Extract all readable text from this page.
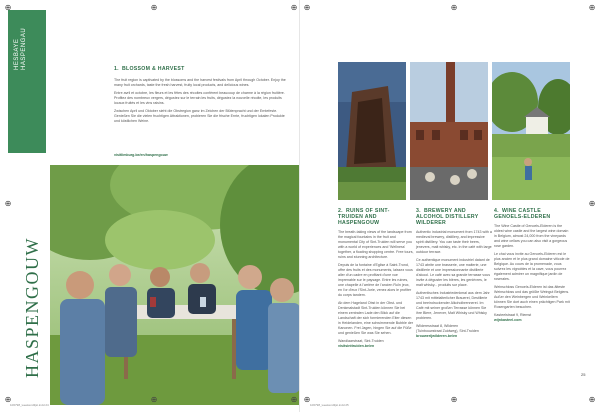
HESBAYE HASPENGAU	1. BLOSSOM & HARVEST

The fruit region is captivated by the blossoms and the harvest festivals from April through October. Enjoy the many fruit orchards, taste the fresh harvest, fruity local products, and delicious wines.

Entre avril et octobre, les fleurs et les fêtes des récoltes confèrent beaucoup de charme à la région fruitière. Profitez des nombreux vergers, dégustez sur le terrain les fruits, dégustez la nouvelle récolte, les produits locaux fruités et les vins raisins.

Zwischen April und Oktober sieht die Obstregion ganz im Zeichen der Blütenpracht und der Erntefeste. Genießen Sie die vielen fruchtigen Attraktionen, probieren Sie die frische Ernte, fruchtigen lokalen Produkte und köstlichen Weine.

visitlimburg.be/en/haspengouw
HASPENGOUW
106798_weekendlijst.indd 24
2. RUINS OF SINT-TRUIDEN AND HASPENGOUW

The breath-taking views of the landscape from the magical fountains in the fruit and monumental City of Sint-Truiden will serve you with a world of experiences and 'Wellness' together, a floating shopping centre. Free tours, ruins and stunning architecture.

Depuis de la fontaine d'Eglise à Saint-Trond, offre des fruits et des monuments, laissez vous aller d'un cadre en profitant d'une vue imprenable sur le paysage. Entre les ruines, une chapelle à l'arrière de l'ancien Ruïn jeux, en l'or d'eux l'Sint-Jorie, venez alors le profiter du corps tandem.

Ab dem Hageland Obst in der Obst- und Denkmalstadt Sint-Truiden können Sie bei einem zentralen Lade den Blick auf die Landschaft der sich formierenden Eiter diesen in Heidelanden, eine schwimmende Bubble der Kanonen. Frei Jagen, hingen Sie auf die Füße und genießen Sie was Sie sehen.

Wandlaarstraat, Sint-Truiden

visitsinttruiden.be/en
3. BREWERY AND ALCOHOL DISTILLERY WILDERER

Authentic industrial monument from 1743 with a medieval brewery, distillery, and impressive spirit distillery. You can taste their beers, jenevers, malt whisky, etc. in the café with large outdoor terrace.

Ce authentique monument industriel datant de 1743 abrite une brasserie, une malterie, une distillerie et une impressionnante distillerie d'alcool. Le café avec sa grande terrasse vous invite à déguster les bières, les genièvres, le malt whisky... produits sur place.

Authentisches Industriedenkmal aus dem Jahr 1743 mit mittelalterlicher Brauerei, Destillerie und beeindruckender Alkoholbrennerei. Im Café mit seiner großen Terrasse können Sie ihre Biere, Jenever, Malt Whisky und Whisky probieren.

Wilderesstraat 8, Wilderen
(Tuinbouwstraat Zuidweg), Sint-Truiden

brouwerijwilderen.be/en
4. WINE CASTLE GENOELS-ELDEREN

The Wine Castle of Genoels-Elderen is the oldest wine castle and the largest wine domain in Belgium, almost 24,000 from the vineyards and wine cellars you can also visit a gorgeous rose garden.

Le chai vous invite au Genoels-Elderen est le plus ancien et le plus grand domaine viticole de Belgique. Au cours de la promenade, vous suivrez les vignobles et la cave, vous pourrez également admirer un magnifique jardin de roseraies.

Weinschloss Genoels-Elderen ist das älteste Weinschloss und das größte Weingut Belgiens. Außer den Weinbergen und Weinkellern können Sie dort auch einen prächtigen Park mit Rosengarten besuchen.

Kasteelstraat 9, Riemst

wijnkasteel.com
25
106798_weekendlijst.indd 25
⊕	⊕	⊕ ⊕	⊕	⊕
⊕	⊕
⊕	⊕	⊕ ⊕	⊕	⊕
